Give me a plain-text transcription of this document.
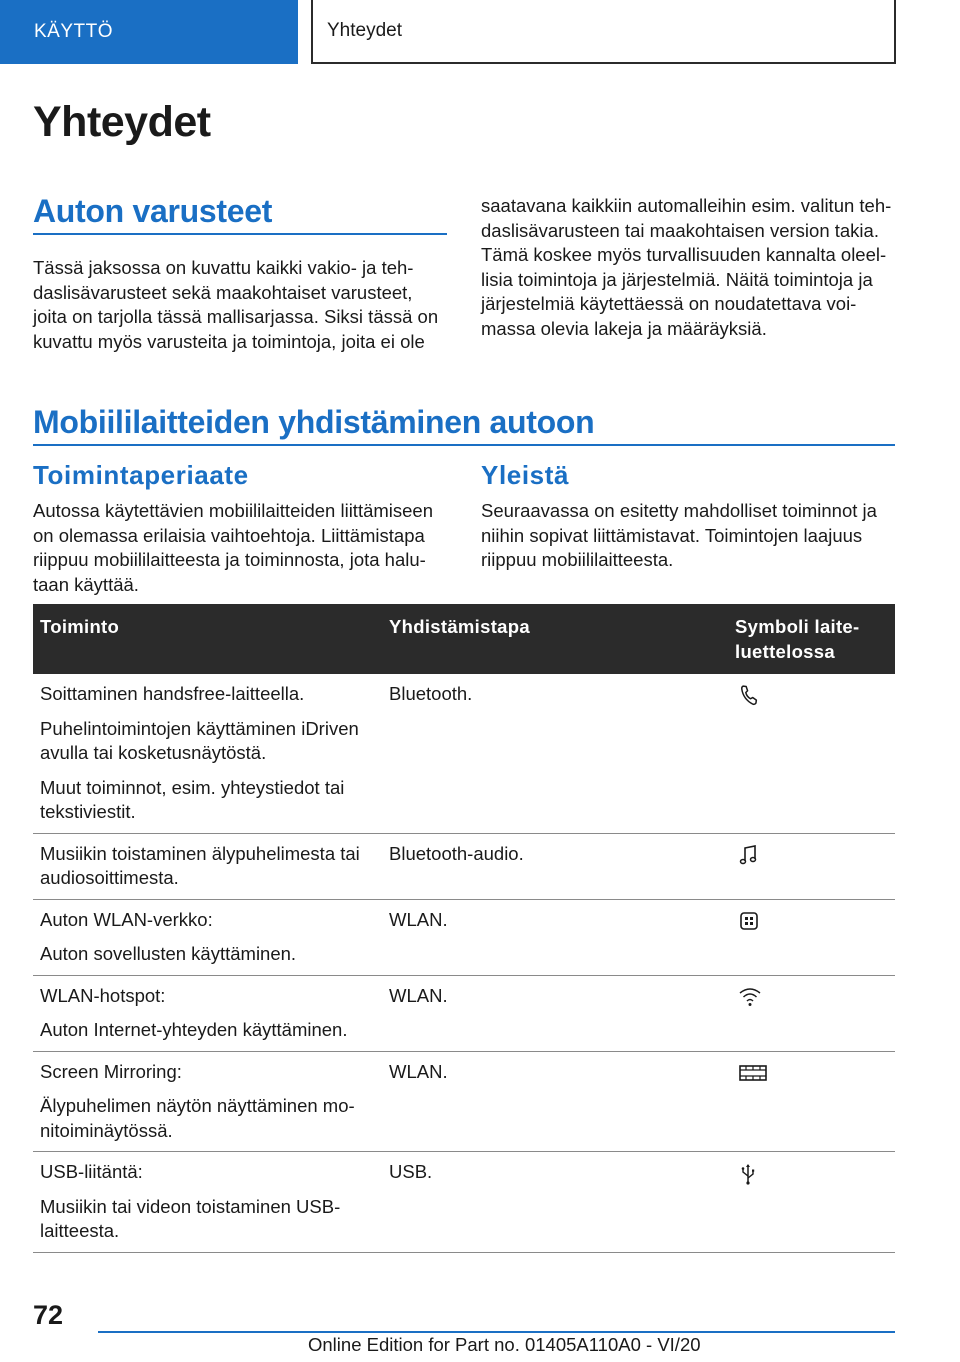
KÄYTTÖ	Yhteydet
Yhteydet
Auton varusteet

Tässä jaksossa on kuvattu kaikki vakio- ja teh-
daslisävarusteet sekä maakohtaiset varusteet,
joita on tarjolla tässä mallisarjassa. Siksi tässä on
kuvattu myös varusteita ja toimintoja, joita ei ole

saatavana kaikkiin automalleihin esim. valitun teh-
daslisävarusteen tai maakohtaisen version takia.
Tämä koskee myös turvallisuuden kannalta oleel-
lisia toimintoja ja järjestelmiä. Näitä toimintoja ja
järjestelmiä käytettäessä on noudatettava voi-
massa olevia lakeja ja määräyksiä.

Mobiililaitteiden yhdistäminen autoon
Toimintaperiaate

Autossa käytettävien mobiililaitteiden liittämiseen
on olemassa erilaisia vaihtoehtoja. Liittämistapa
riippuu mobiililaitteesta ja toiminnosta, jota halu-
taan käyttää.

Yleistä

Seuraavassa on esitetty mahdolliset toiminnot ja
niihin sopivat liittämistavat. Toimintojen laajuus
riippuu mobiililaitteesta.

Toiminto	Yhdistämistapa	Symboli laite-
luettelossa

Soittaminen handsfree-laitteella.

Puhelintoimintojen käyttäminen iDriven avulla tai kosketusnäytöstä.

Muut toiminnot, esim. yhteystiedot tai tekstiviestit.	Bluetooth.	

Musiikin toistaminen älypuhelimesta tai audiosoittimesta.	Bluetooth-audio.	

Auton WLAN-verkko:

Auton sovellusten käyttäminen.	WLAN.	

WLAN-hotspot:

Auton Internet-yhteyden käyttäminen.	WLAN.	

Screen Mirroring:

Älypuhelimen näytön näyttäminen mo-
nitoiminäytössä.	WLAN.	

USB-liitäntä:

Musiikin tai videon toistaminen USB-
laitteesta.	USB.	
72
Online Edition for Part no. 01405A110A0 - VI/20
